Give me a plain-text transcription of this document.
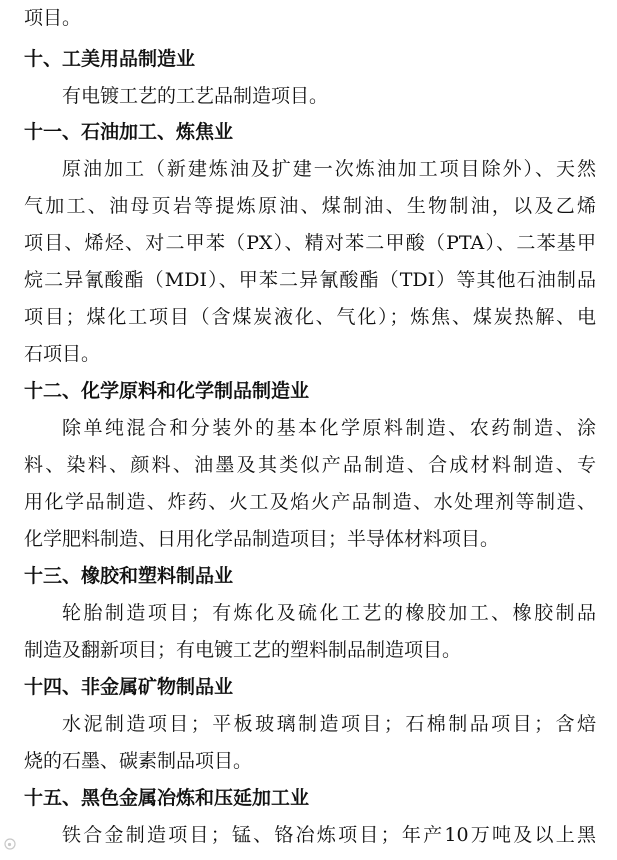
项目。
十、工美用品制造业
有电镀工艺的工艺品制造项目。
十一、石油加工、炼焦业
原油加工（新建炼油及扩建一次炼油加工项目除外）、天然
气加工、油母页岩等提炼原油、煤制油、生物制油，以及乙烯
项目、烯烃、对二甲苯（PX）、精对苯二甲酸（PTA）、二苯基甲
烷二异氰酸酯（MDI）、甲苯二异氰酸酯（TDI）等其他石油制品
项目；煤化工项目（含煤炭液化、气化）；炼焦、煤炭热解、电
石项目。
十二、化学原料和化学制品制造业
除单纯混合和分装外的基本化学原料制造、农药制造、涂
料、染料、颜料、油墨及其类似产品制造、合成材料制造、专
用化学品制造、炸药、火工及焰火产品制造、水处理剂等制造、
化学肥料制造、日用化学品制造项目；半导体材料项目。
十三、橡胶和塑料制品业
轮胎制造项目；有炼化及硫化工艺的橡胶加工、橡胶制品
制造及翻新项目；有电镀工艺的塑料制品制造项目。
十四、非金属矿物制品业
水泥制造项目；平板玻璃制造项目；石棉制品项目；含焙
烧的石墨、碳素制品项目。
十五、黑色金属冶炼和压延加工业
铁合金制造项目；锰、铬冶炼项目；年产10万吨及以上黑
